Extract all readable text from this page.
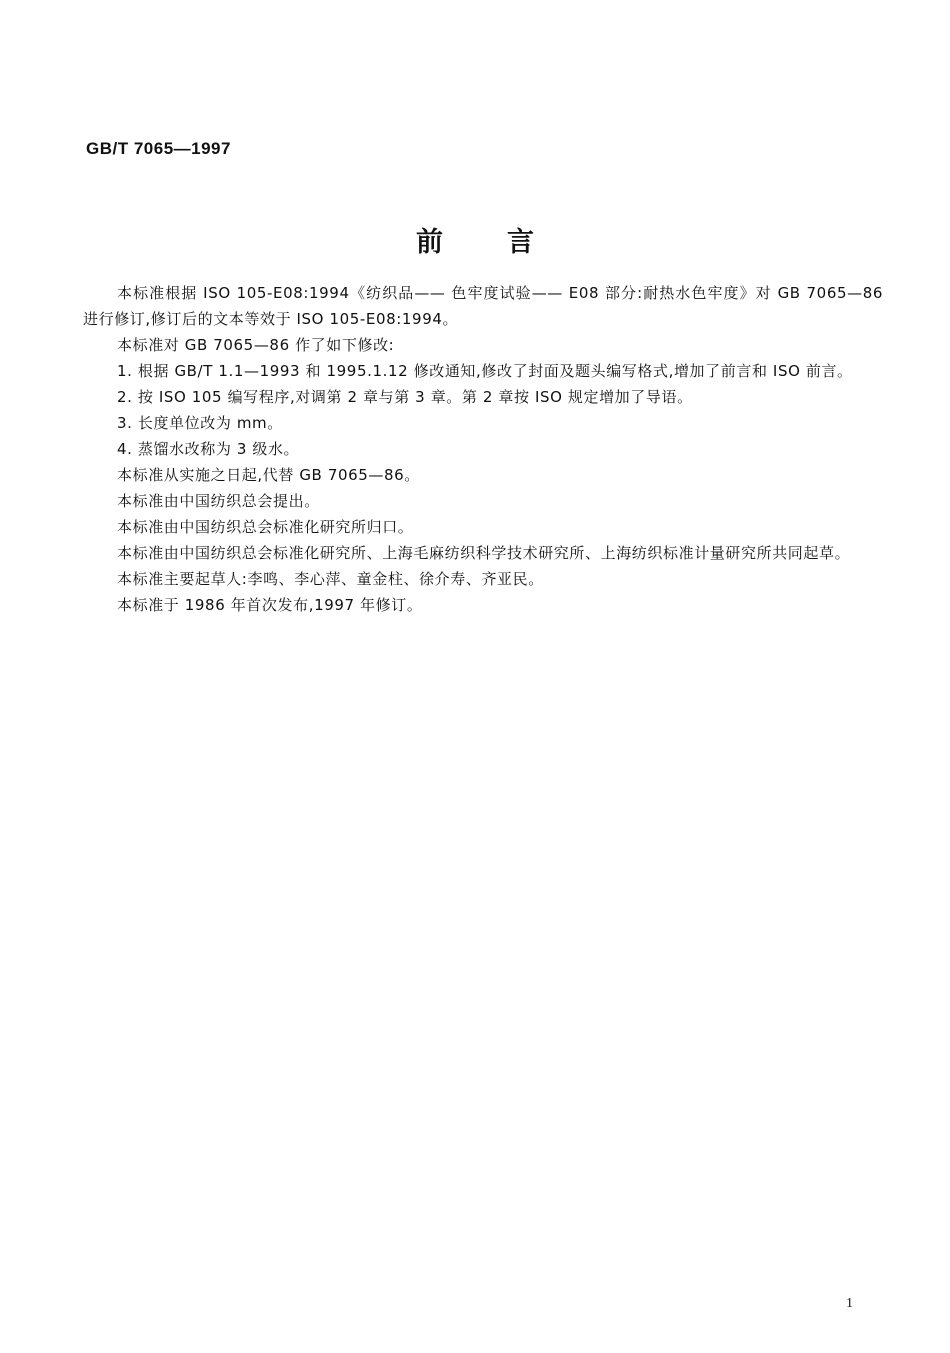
GB/T 7065—1997
前言

本标准根据 ISO 105-E08:1994《纺织品—— 色牢度试验—— E08 部分:耐热水色牢度》对 GB 7065—86进行修订,修订后的文本等效于 ISO 105-E08:1994。

本标准对 GB 7065—86 作了如下修改:

1. 根据 GB/T 1.1—1993 和 1995.1.12 修改通知,修改了封面及题头编写格式,增加了前言和 ISO 前言。

2. 按 ISO 105 编写程序,对调第 2 章与第 3 章。第 2 章按 ISO 规定增加了导语。

3. 长度单位改为 mm。

4. 蒸馏水改称为 3 级水。

本标准从实施之日起,代替 GB 7065—86。

本标准由中国纺织总会提出。

本标准由中国纺织总会标准化研究所归口。

本标准由中国纺织总会标准化研究所、上海毛麻纺织科学技术研究所、上海纺织标准计量研究所共同起草。

本标准主要起草人:李鸣、李心萍、童金柱、徐介寿、齐亚民。

本标准于 1986 年首次发布,1997 年修订。

1
